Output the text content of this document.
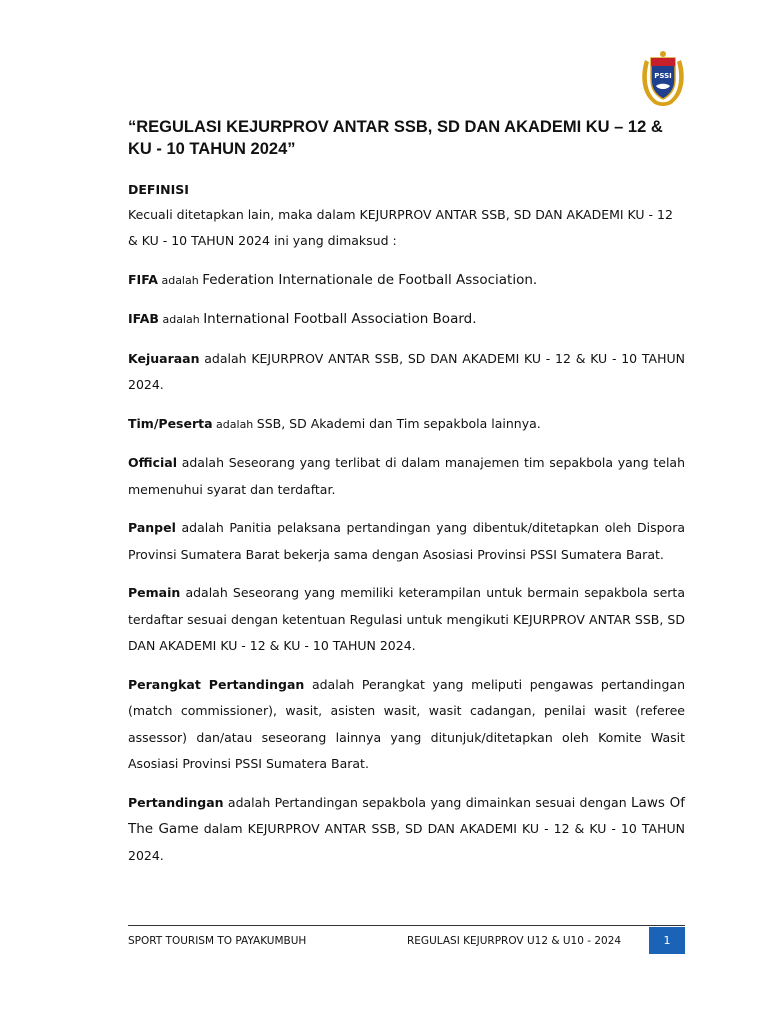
PSSI
“REGULASI KEJURPROV ANTAR SSB, SD DAN AKADEMI KU – 12 & KU - 10 TAHUN 2024”

DEFINISI

Kecuali ditetapkan lain, maka dalam KEJURPROV ANTAR SSB, SD DAN AKADEMI KU - 12 & KU - 10 TAHUN 2024 ini yang dimaksud :

FIFA adalah Federation Internationale de Football Association.

IFAB adalah International Football Association Board.

Kejuaraan adalah KEJURPROV ANTAR SSB, SD DAN AKADEMI KU - 12 & KU - 10 TAHUN 2024.

Tim/Peserta adalah SSB, SD Akademi dan Tim sepakbola lainnya.

Official adalah Seseorang yang terlibat di dalam manajemen tim sepakbola yang telah memenuhui syarat dan terdaftar.

Panpel adalah Panitia pelaksana pertandingan yang dibentuk/ditetapkan oleh Dispora Provinsi Sumatera Barat bekerja sama dengan Asosiasi Provinsi PSSI Sumatera Barat.

Pemain adalah Seseorang yang memiliki keterampilan untuk bermain sepakbola serta terdaftar sesuai dengan ketentuan Regulasi untuk mengikuti KEJURPROV ANTAR SSB, SD DAN AKADEMI KU - 12 & KU - 10 TAHUN 2024.

Perangkat Pertandingan adalah Perangkat yang meliputi pengawas pertandingan (match commissioner), wasit, asisten wasit, wasit cadangan, penilai wasit (referee assessor) dan/atau seseorang lainnya yang ditunjuk/ditetapkan oleh Komite Wasit Asosiasi Provinsi PSSI Sumatera Barat.

Pertandingan adalah Pertandingan sepakbola yang dimainkan sesuai dengan Laws Of The Game dalam KEJURPROV ANTAR SSB, SD DAN AKADEMI KU - 12 & KU - 10 TAHUN 2024.

SPORT TOURISM TO PAYAKUMBUH	REGULASI KEJURPROV U12 & U10 - 2024	1
